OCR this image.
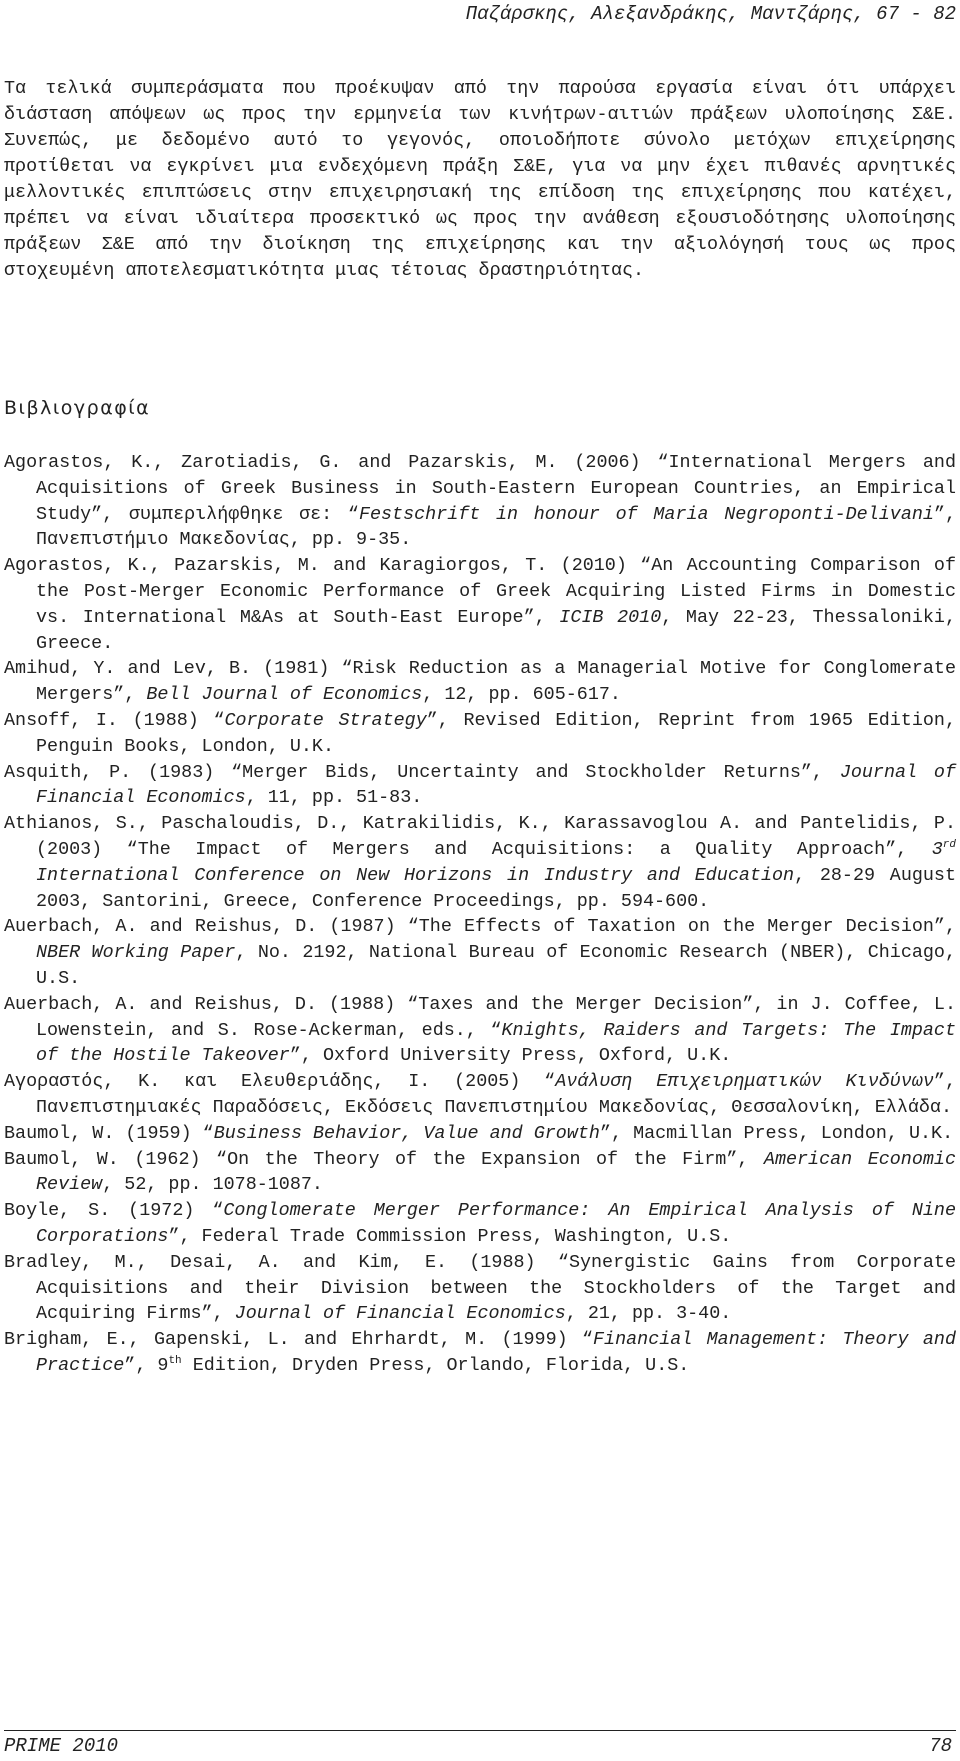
Παζάρσκης, Αλεξανδράκης, Μαντζάρης, 67 - 82

Τα τελικά συμπεράσματα που προέκυψαν από την παρούσα εργασία είναι ότι υπάρχει διάσταση απόψεων ως προς την ερμηνεία των κινήτρων-αιτιών πράξεων υλοποίησης Σ&Ε. Συνεπώς, με δεδομένο αυτό το γεγονός, οποιοδήποτε σύνολο μετόχων επιχείρησης προτίθεται να εγκρίνει μια ενδεχόμενη πράξη Σ&Ε, για να μην έχει πιθανές αρνητικές μελλοντικές επιπτώσεις στην επιχειρησιακή της επίδοση της επιχείρησης που κατέχει, πρέπει να είναι ιδιαίτερα προσεκτικό ως προς την ανάθεση εξουσιοδότησης υλοποίησης πράξεων Σ&Ε από την διοίκηση της επιχείρησης και την αξιολόγησή τους ως προς στοχευμένη αποτελεσματικότητα μιας τέτοιας δραστηριότητας.

Βιβλιογραφία
Agorastos, K., Zarotiadis, G. and Pazarskis, M. (2006) “International Mergers and Acquisitions of Greek Business in South-Eastern European Countries, an Empirical Study”, συμπεριλήφθηκε σε: “Festschrift in honour of Maria Negroponti-Delivani”, Πανεπιστήμιο Μακεδονίας, pp. 9-35.
Agorastos, K., Pazarskis, M. and Karagiorgos, T. (2010) “An Accounting Comparison of the Post-Merger Economic Performance of Greek Acquiring Listed Firms in Domestic vs. International M&As at South-East Europe”, ICIB 2010, May 22-23, Thessaloniki, Greece.
Amihud, Y. and Lev, B. (1981) “Risk Reduction as a Managerial Motive for Conglomerate Mergers”, Bell Journal of Economics, 12, pp. 605-617.
Ansoff, I. (1988) “Corporate Strategy”, Revised Edition, Reprint from 1965 Edition, Penguin Books, London, U.K.
Asquith, P. (1983) “Merger Bids, Uncertainty and Stockholder Returns”, Journal of Financial Economics, 11, pp. 51-83.
Athianos, S., Paschaloudis, D., Katrakilidis, K., Karassavoglou A. and Pantelidis, P. (2003) “The Impact of Mergers and Acquisitions: a Quality Approach”, 3rd International Conference on New Horizons in Industry and Education, 28-29 August 2003, Santorini, Greece, Conference Proceedings, pp. 594-600.
Auerbach, A. and Reishus, D. (1987) “The Effects of Taxation on the Merger Decision”, NBER Working Paper, No. 2192, National Bureau of Economic Research (NBER), Chicago, U.S.
Auerbach, A. and Reishus, D. (1988) “Taxes and the Merger Decision”, in J. Coffee, L. Lowenstein, and S. Rose-Ackerman, eds., “Knights, Raiders and Targets: The Impact of the Hostile Takeover”, Oxford University Press, Oxford, U.K.
Αγοραστός, Κ. και Ελευθεριάδης, Ι. (2005) “Ανάλυση Επιχειρηματικών Κινδύνων”, Πανεπιστημιακές Παραδόσεις, Εκδόσεις Πανεπιστημίου Μακεδονίας, Θεσσαλονίκη, Ελλάδα.
Baumol, W. (1959) “Business Behavior, Value and Growth”, Macmillan Press, London, U.K.
Baumol, W. (1962) “On the Theory of the Expansion of the Firm”, American Economic Review, 52, pp. 1078-1087.
Boyle, S. (1972) “Conglomerate Merger Performance: An Empirical Analysis of Nine Corporations”, Federal Trade Commission Press, Washington, U.S.
Bradley, M., Desai, A. and Kim, E. (1988) “Synergistic Gains from Corporate Acquisitions and their Division between the Stockholders of the Target and Acquiring Firms”, Journal of Financial Economics, 21, pp. 3-40.
Brigham, E., Gapenski, L. and Ehrhardt, M. (1999) “Financial Management: Theory and Practice”, 9th Edition, Dryden Press, Orlando, Florida, U.S.
PRIME 2010	78
